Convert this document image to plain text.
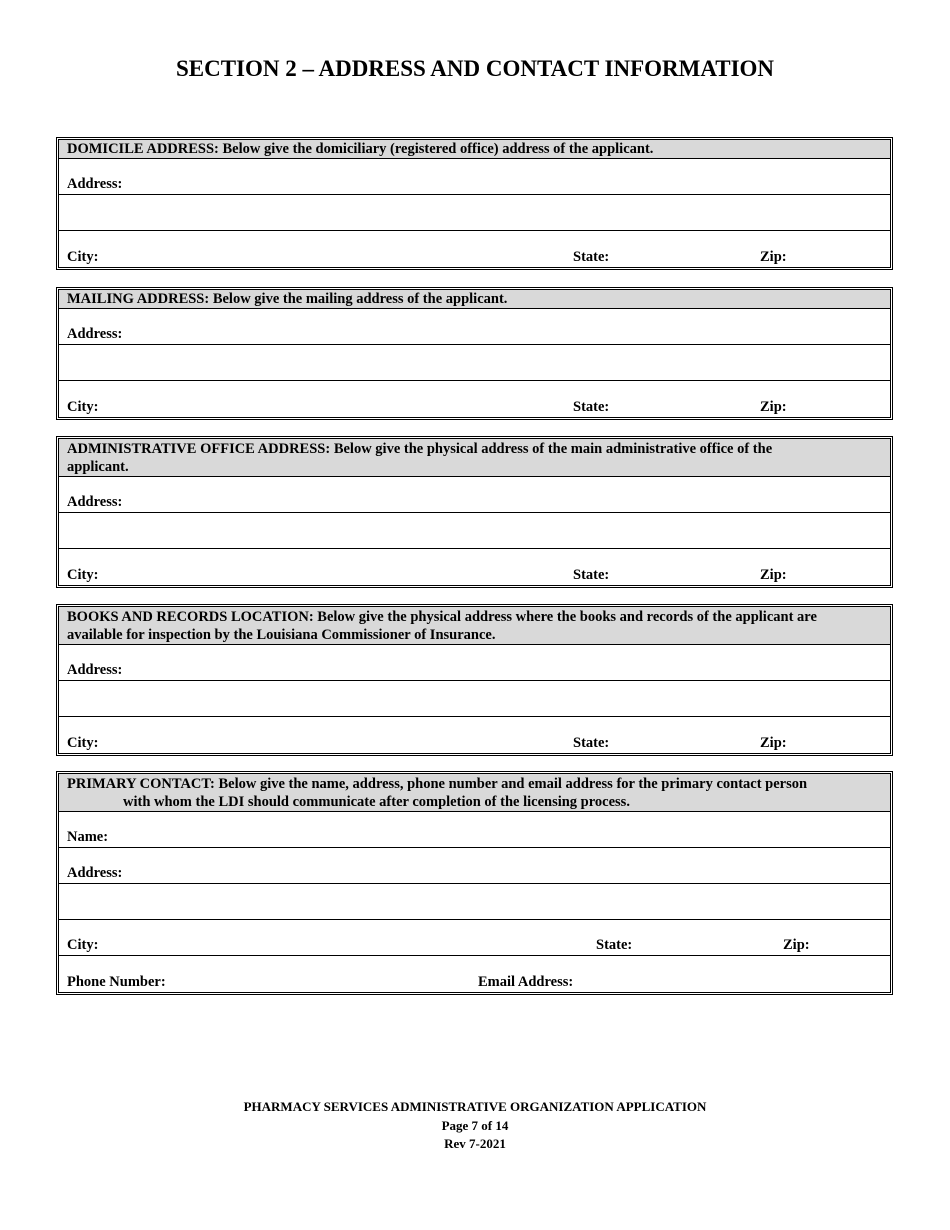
SECTION 2 – ADDRESS AND CONTACT INFORMATION
DOMICILE ADDRESS: Below give the domiciliary (registered office) address of the applicant.
Address:
City:	State:	Zip:
MAILING ADDRESS: Below give the mailing address of the applicant.
Address:
City:	State:	Zip:
ADMINISTRATIVE OFFICE ADDRESS: Below give the physical address of the main administrative office of the
applicant.
Address:
City:	State:	Zip:
BOOKS AND RECORDS LOCATION: Below give the physical address where the books and records of the applicant are
available for inspection by the Louisiana Commissioner of Insurance.
Address:
City:	State:	Zip:
PRIMARY CONTACT: Below give the name, address, phone number and email address for the primary contact person
with whom the LDI should communicate after completion of the licensing process.
Name:
Address:
City:	State:	Zip:
Phone Number:	Email Address:
PHARMACY SERVICES ADMINISTRATIVE ORGANIZATION APPLICATION
Page 7 of 14
Rev 7-2021
